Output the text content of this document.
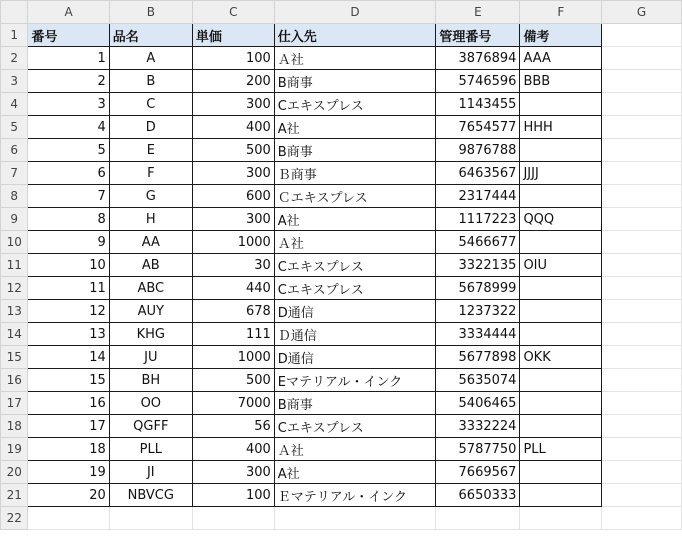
	A	B	C	D	E	F	G
1	番号	品名	単価	仕入先	管理番号	備考	
2	1	A	100	Ａ社	3876894	AAA	
3	2	B	200	B商事	5746596	BBB	
4	3	C	300	Cエキスプレス	1143455		
5	4	D	400	A社	7654577	HHH	
6	5	E	500	B商事	9876788		
7	6	F	300	Ｂ商事	6463567	JJJJ	
8	7	G	600	Ｃエキスプレス	2317444		
9	8	H	300	A社	1117223	QQQ	
10	9	AA	1000	Ａ社	5466677		
11	10	AB	30	Cエキスプレス	3322135	OIU	
12	11	ABC	440	Cエキスプレス	5678999		
13	12	AUY	678	D通信	1237322		
14	13	KHG	111	Ｄ通信	3334444		
15	14	JU	1000	D通信	5677898	OKK	
16	15	BH	500	Eマテリアル・インク	5635074		
17	16	OO	7000	B商事	5406465		
18	17	QGFF	56	Cエキスプレス	3332224		
19	18	PLL	400	Ａ社	5787750	PLL	
20	19	JI	300	A社	7669567		
21	20	NBVCG	100	Ｅマテリアル・インク	6650333		
22							
